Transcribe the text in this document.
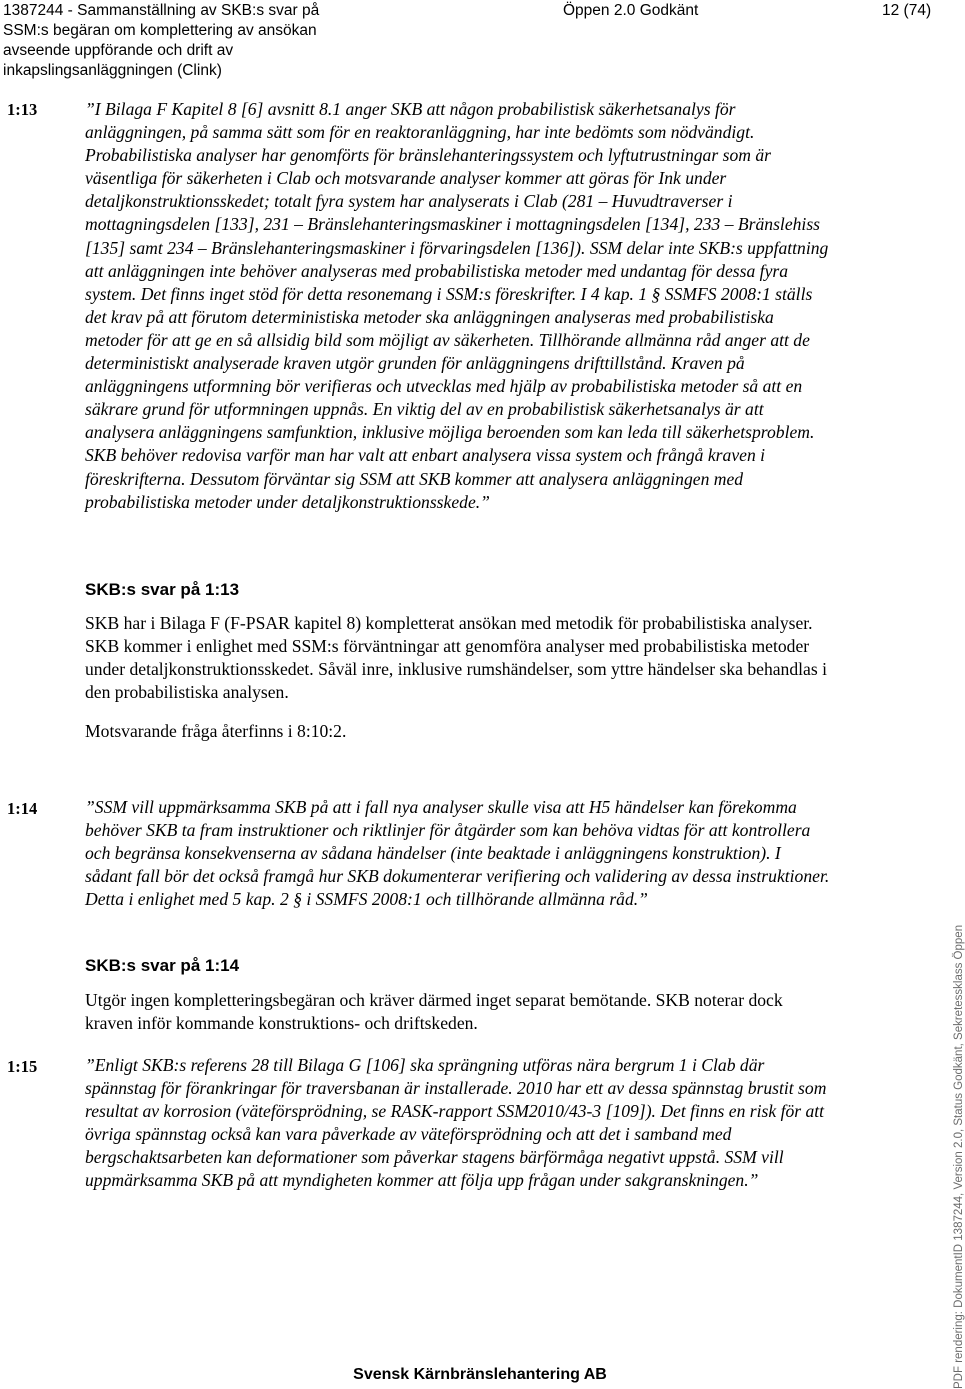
1387244 - Sammanställning av SKB:s svar på
SSM:s begäran om komplettering av ansökan
avseende uppförande och drift av
inkapslingsanläggningen (Clink)
Öppen 2.0 Godkänt	12 (74)
1:13	”I Bilaga F Kapitel 8 [6] avsnitt 8.1 anger SKB att någon probabilistisk säkerhetsanalys för anläggningen, på samma sätt som för en reaktoranläggning, har inte bedömts som nödvändigt. Probabilistiska analyser har genomförts för bränslehanteringssystem och lyftutrustningar som är väsentliga för säkerheten i Clab och motsvarande analyser kommer att göras för Ink under detaljkonstruktionsskedet; totalt fyra system har analyserats i Clab (281 – Huvudtraverser i mottagningsdelen [133], 231 – Bränslehanteringsmaskiner i mottagningsdelen [134], 233 – Bränslehiss [135] samt 234 – Bränslehanteringsmaskiner i förvaringsdelen [136]). SSM delar inte SKB:s uppfattning att anläggningen inte behöver analyseras med probabilistiska metoder med undantag för dessa fyra system. Det finns inget stöd för detta resonemang i SSM:s föreskrifter. I 4 kap. 1 § SSMFS 2008:1 ställs det krav på att förutom deterministiska metoder ska anläggningen analyseras med probabilistiska metoder för att ge en så allsidig bild som möjligt av säkerheten. Tillhörande allmänna råd anger att de deterministiskt analyserade kraven utgör grunden för anläggningens drifttillstånd. Kraven på anläggningens utformning bör verifieras och utvecklas med hjälp av probabilistiska metoder så att en säkrare grund för utformningen uppnås. En viktig del av en probabilistisk säkerhetsanalys är att analysera anläggningens samfunktion, inklusive möjliga beroenden som kan leda till säkerhetsproblem. SKB behöver redovisa varför man har valt att enbart analysera vissa system och frångå kraven i föreskrifterna. Dessutom förväntar sig SSM att SKB kommer att analysera anläggningen med probabilistiska metoder under detaljkonstruktionsskede.”

SKB:s svar på 1:13

SKB har i Bilaga F (F-PSAR kapitel 8) kompletterat ansökan med metodik för probabilistiska analyser. SKB kommer i enlighet med SSM:s förväntningar att genomföra analyser med probabilistiska metoder under detaljkonstruktionsskedet. Såväl inre, inklusive rumshändelser, som yttre händelser ska behandlas i den probabilistiska analysen.

Motsvarande fråga återfinns i 8:10:2.

1:14	”SSM vill uppmärksamma SKB på att i fall nya analyser skulle visa att H5 händelser kan förekomma behöver SKB ta fram instruktioner och riktlinjer för åtgärder som kan behöva vidtas för att kontrollera och begränsa konsekvenserna av sådana händelser (inte beaktade i anläggningens konstruktion). I sådant fall bör det också framgå hur SKB dokumenterar verifiering och validering av dessa instruktioner. Detta i enlighet med 5 kap. 2 § i SSMFS 2008:1 och tillhörande allmänna råd.”

SKB:s svar på 1:14

Utgör ingen kompletteringsbegäran och kräver därmed inget separat bemötande. SKB noterar dock kraven inför kommande konstruktions- och driftskeden.

1:15	”Enligt SKB:s referens 28 till Bilaga G [106] ska sprängning utföras nära bergrum 1 i Clab där spännstag för förankringar för traversbanan är installerade. 2010 har ett av dessa spännstag brustit som resultat av korrosion (väteförsprödning, se RASK-rapport SSM2010/43-3 [109]). Det finns en risk för att övriga spännstag också kan vara påverkade av väteförsprödning och att det i samband med bergschaktsarbeten kan deformationer som påverkar stagens bärförmåga negativt uppstå. SSM vill uppmärksamma SKB på att myndigheten kommer att följa upp frågan under sakgranskningen.”

Svensk Kärnbränslehantering AB	PDF rendering: DokumentID 1387244, Version 2.0, Status Godkänt, Sekretessklass Öppen
